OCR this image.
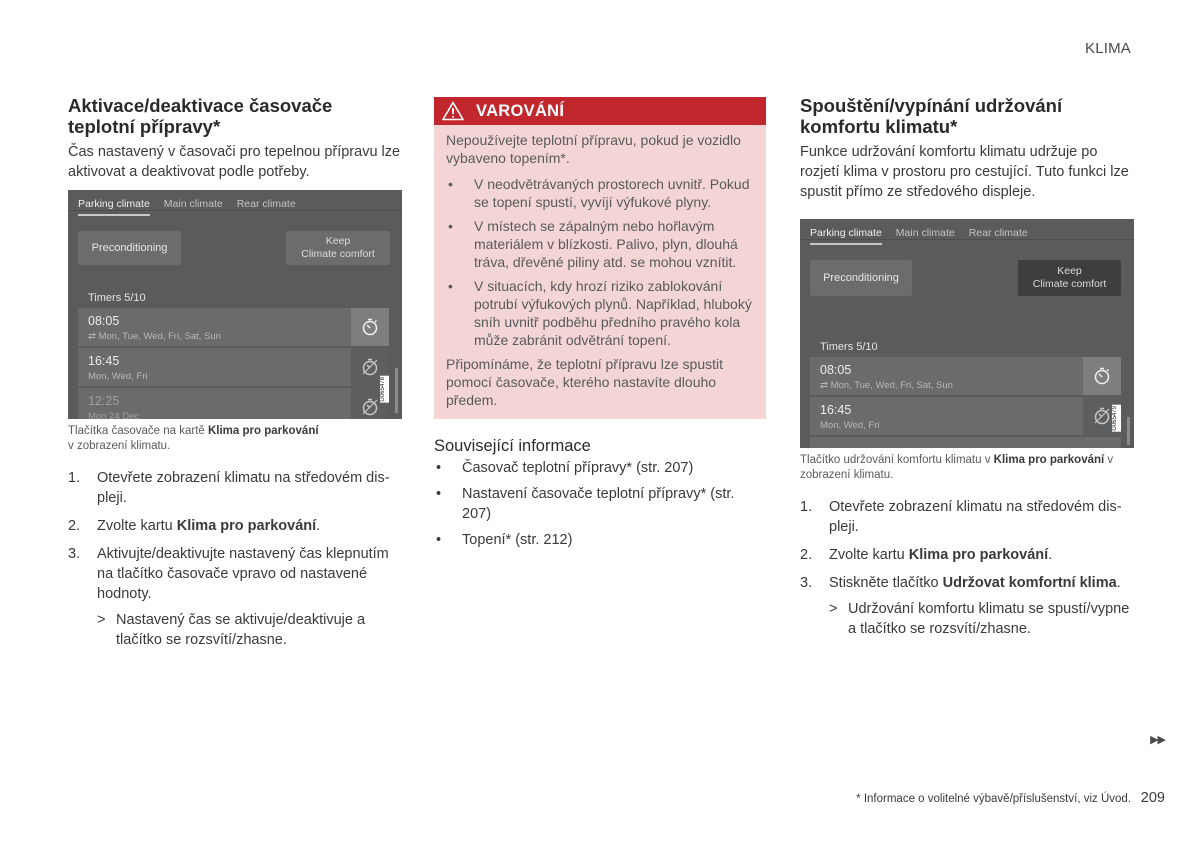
KLIMA
Aktivace/deaktivace časovače teplotní přípravy*

Čas nastavený v časovači pro tepelnou přípravu lze aktivovat a deaktivovat podle potřeby.

Parking climate Main climate Rear climate
Preconditioning
Keep
Climate comfort
Timers 5/10
08:05
⇄ Mon, Tue, Wed, Fri, Sat, Sun
16:45
Mon, Wed, Fri
12:25
Mon 24 Dec
G065478

Tlačítka časovače na kartě Klima pro parkování
v zobrazení klimatu.

1. Otevřete zobrazení klimatu na středovém displeji.
2. Zvolte kartu Klima pro parkování.
3. Aktivujte/deaktivujte nastavený čas klepnutím na tlačítko časovače vpravo od nastavené hodnoty.

> Nastavený čas se aktivuje/deaktivuje a tlačítko se rozsvítí/zhasne.

VAROVÁNÍ

Nepoužívejte teplotní přípravu, pokud je vozidlo vybaveno topením*.

• V neodvětrávaných prostorech uvnitř. Pokud se topení spustí, vyvíjí výfukové plyny.
• V místech se zápalným nebo hořlavým materiálem v blízkosti. Palivo, plyn, dlouhá tráva, dřevěné piliny atd. se mohou vznítit.
• V situacích, kdy hrozí riziko zablokování potrubí výfukových plynů. Například, hluboký sníh uvnitř podběhu předního pravého kola může zabránit odvětrání topení.

Připomínáme, že teplotní přípravu lze spustit pomocí časovače, kterého nastavíte dlouho předem.

Související informace
• Časovač teplotní přípravy* (str. 207)
• Nastavení časovače teplotní přípravy* (str. 207)
• Topení* (str. 212)
Spouštění/vypínání udržování komfortu klimatu*

Funkce udržování komfortu klimatu udržuje po rozjetí klima v prostoru pro cestující. Tuto funkci lze spustit přímo ze středového displeje.

Parking climate Main climate Rear climate
Preconditioning
Keep
Climate comfort
Timers 5/10
08:05
⇄ Mon, Tue, Wed, Fri, Sat, Sun
16:45
Mon, Wed, Fri	G065479

Tlačítko udržování komfortu klimatu v Klima pro parkování v zobrazení klimatu.

1. Otevřete zobrazení klimatu na středovém displeji.
2. Zvolte kartu Klima pro parkování.
3. Stiskněte tlačítko Udržovat komfortní klima.

> Udržování komfortu klimatu se spustí/vypne a tlačítko se rozsvítí/zhasne.

▶▶
* Informace o volitelné výbavě/příslušenství, viz Úvod. 209
